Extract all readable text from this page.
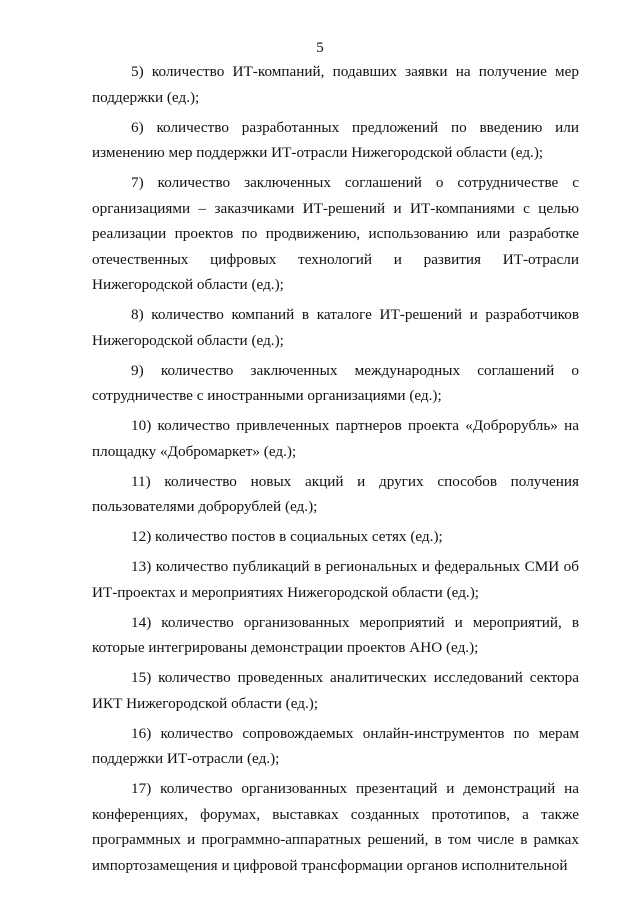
5

5) количество ИТ-компаний, подавших заявки на получение мер поддержки (ед.);

6) количество разработанных предложений по введению или изменению мер поддержки ИТ-отрасли Нижегородской области (ед.);

7) количество заключенных соглашений о сотрудничестве с организациями – заказчиками ИТ-решений и ИТ-компаниями с целью реализации проектов по продвижению, использованию или разработке отечественных цифровых технологий и развития ИТ-отрасли Нижегородской области (ед.);

8) количество компаний в каталоге ИТ-решений и разработчиков Нижегородской области (ед.);

9) количество заключенных международных соглашений о сотрудничестве с иностранными организациями (ед.);

10) количество привлеченных партнеров проекта «Доброрубль» на площадку «Добромаркет» (ед.);

11) количество новых акций и других способов получения пользователями доброрублей (ед.);

12) количество постов в социальных сетях (ед.);

13) количество публикаций в региональных и федеральных СМИ об ИТ-проектах и мероприятиях Нижегородской области (ед.);

14) количество организованных мероприятий и мероприятий, в которые интегрированы демонстрации проектов АНО (ед.);

15) количество проведенных аналитических исследований сектора ИКТ Нижегородской области (ед.);

16) количество сопровождаемых онлайн-инструментов по мерам поддержки ИТ-отрасли (ед.);

17) количество организованных презентаций и демонстраций на конференциях, форумах, выставках созданных прототипов, а также программных и программно-аппаратных решений, в том числе в рамках импортозамещения и цифровой трансформации органов исполнительной
